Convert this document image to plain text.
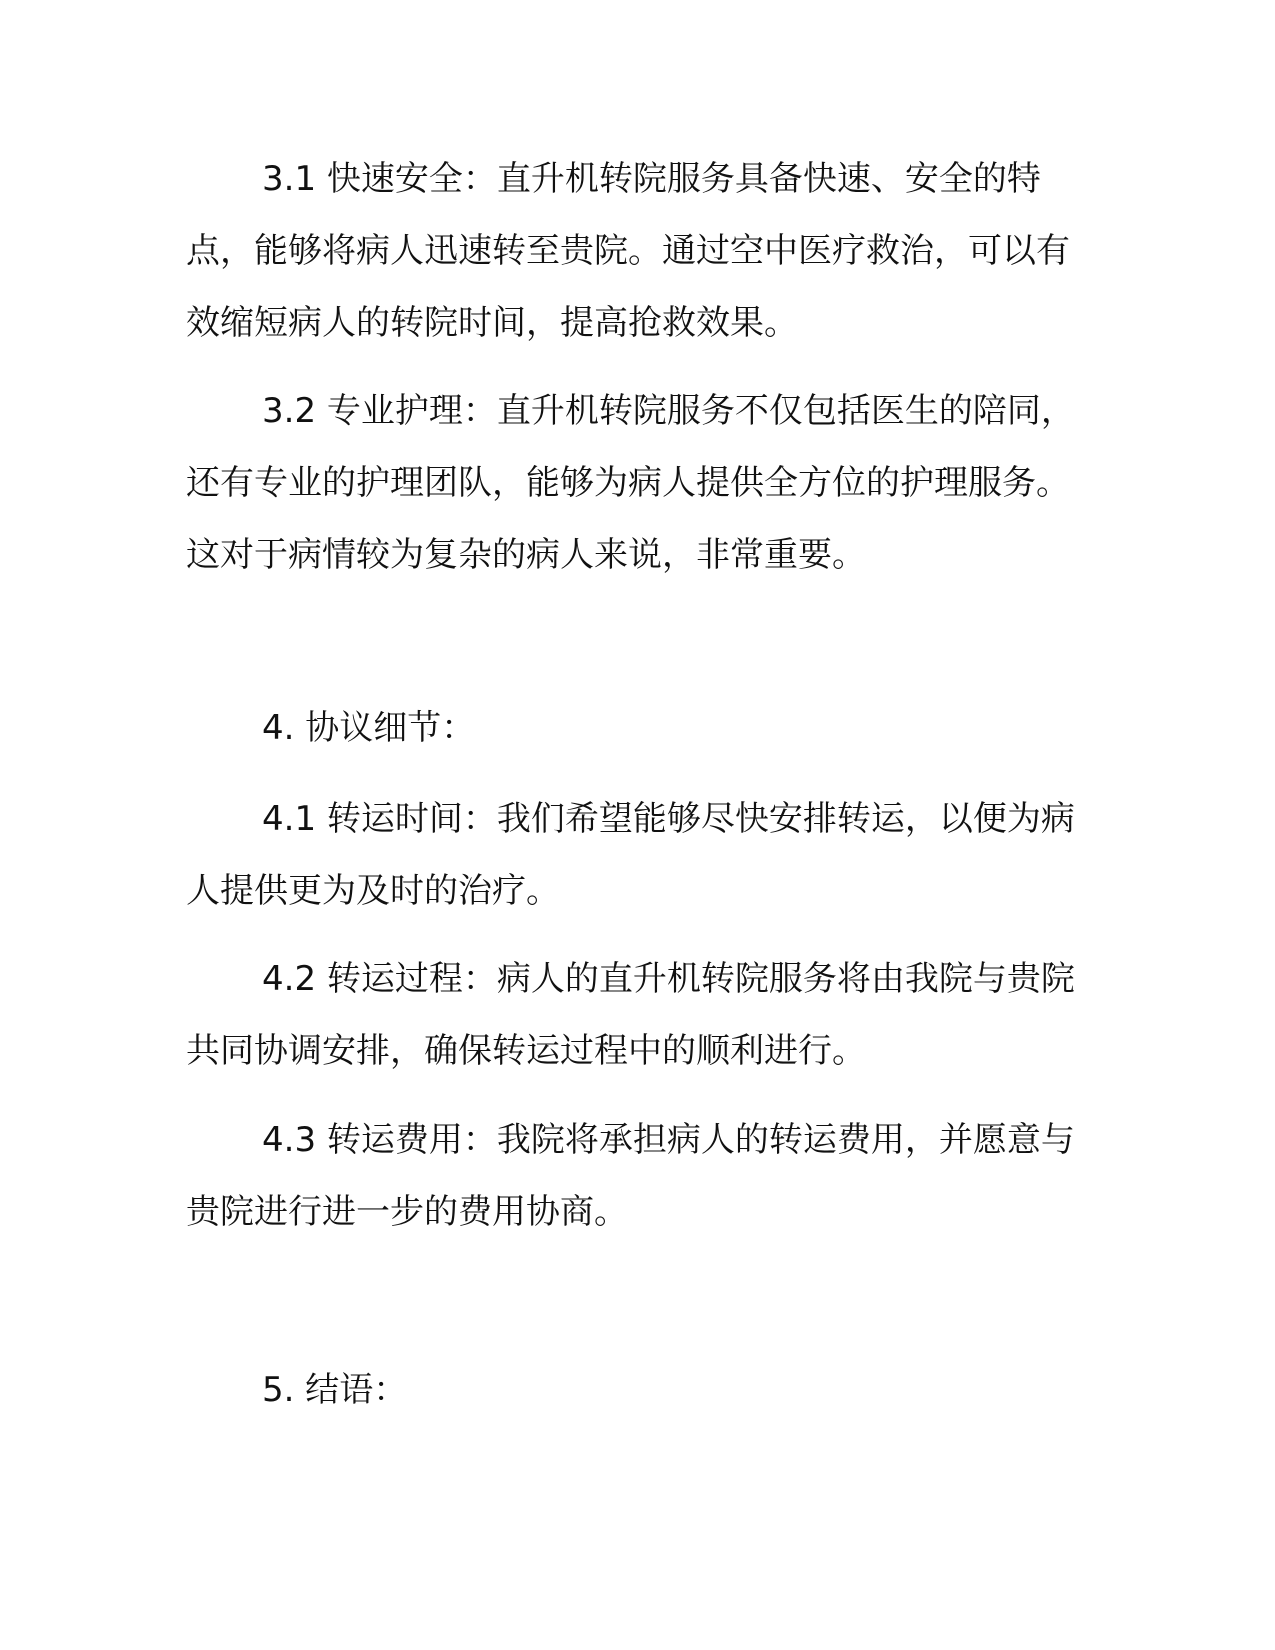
3.1 快速安全：直升机转院服务具备快速、安全的特点，能够将病人迅速转至贵院。通过空中医疗救治，可以有效缩短病人的转院时间，提高抢救效果。

3.2 专业护理：直升机转院服务不仅包括医生的陪同，还有专业的护理团队，能够为病人提供全方位的护理服务。这对于病情较为复杂的病人来说，非常重要。

4. 协议细节：

4.1 转运时间：我们希望能够尽快安排转运，以便为病人提供更为及时的治疗。

4.2 转运过程：病人的直升机转院服务将由我院与贵院共同协调安排，确保转运过程中的顺利进行。

4.3 转运费用：我院将承担病人的转运费用，并愿意与贵院进行进一步的费用协商。

5. 结语：
